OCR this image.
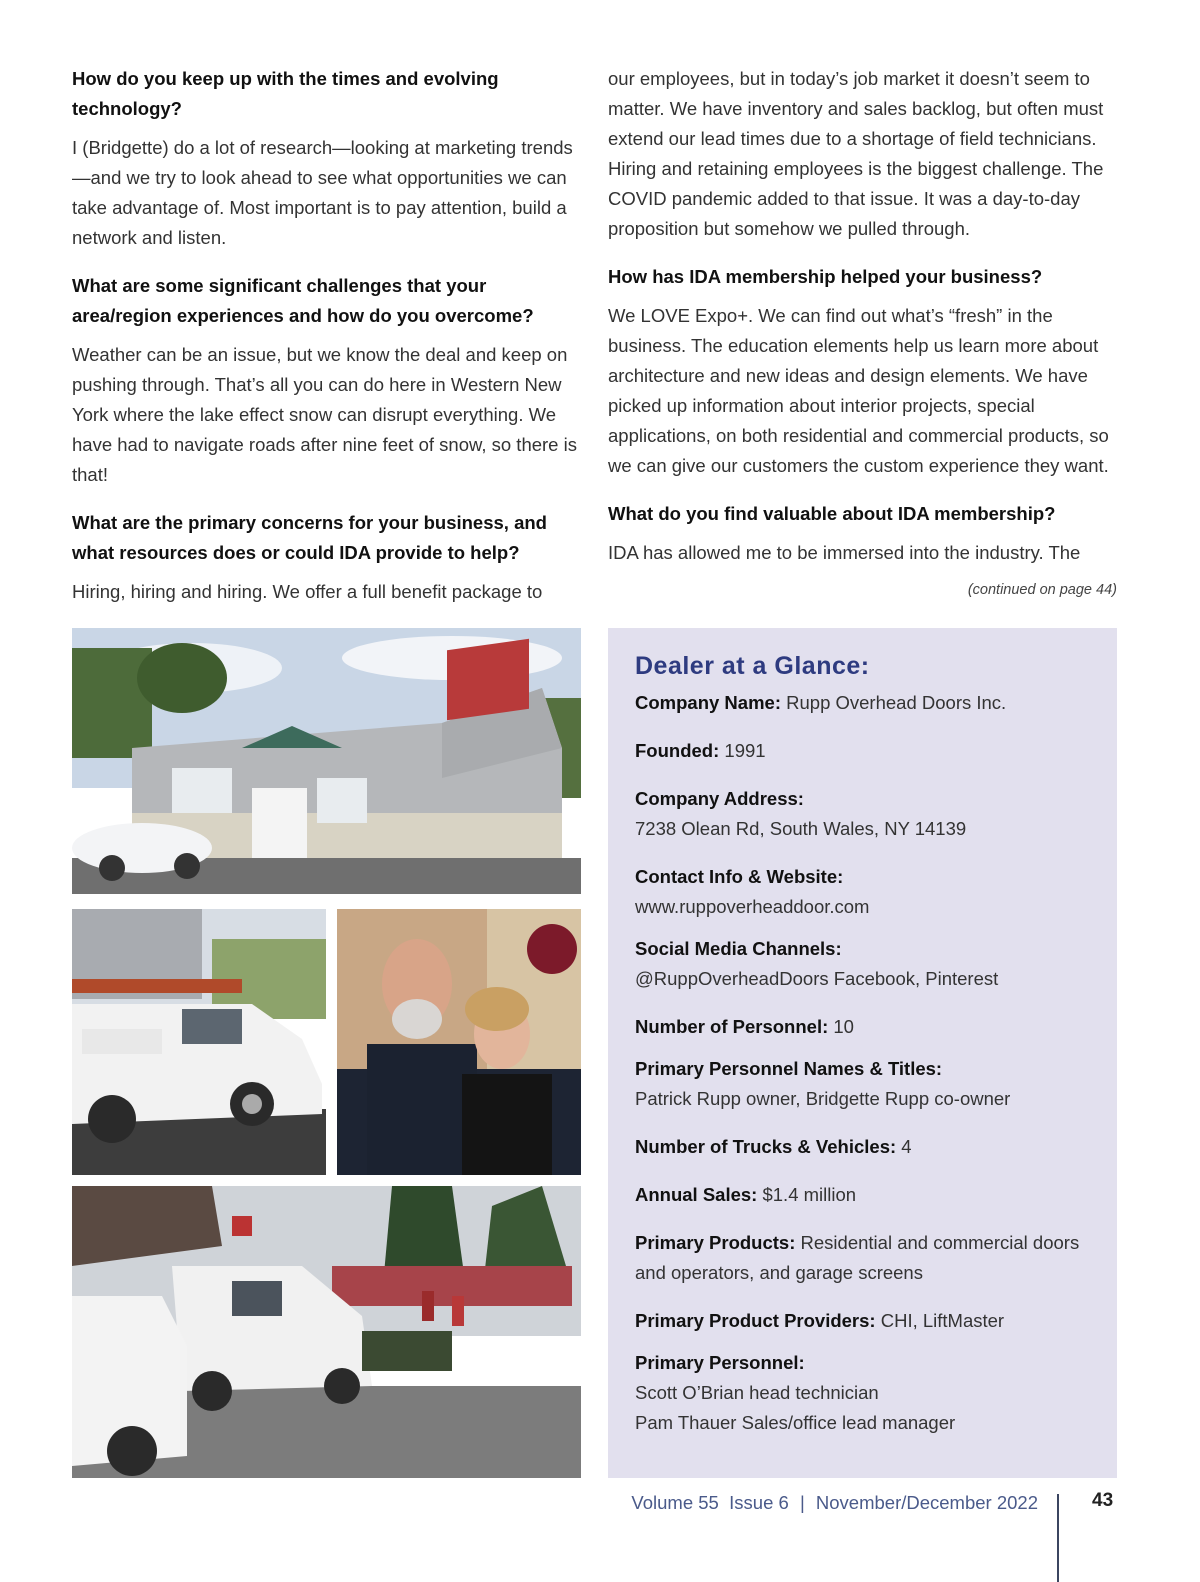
How do you keep up with the times and evolving technology?

I (Bridgette) do a lot of research—looking at marketing trends—and we try to look ahead to see what opportunities we can take advantage of. Most important is to pay attention, build a network and listen.

What are some significant challenges that your area/region experiences and how do you overcome?

Weather can be an issue, but we know the deal and keep on pushing through. That’s all you can do here in Western New York where the lake effect snow can disrupt everything. We have had to navigate roads after nine feet of snow, so there is that!

What are the primary concerns for your business, and what resources does or could IDA provide to help?

Hiring, hiring and hiring. We offer a full benefit package to

our employees, but in today’s job market it doesn’t seem to matter. We have inventory and sales backlog, but often must extend our lead times due to a shortage of field technicians. Hiring and retaining employees is the biggest challenge. The COVID pandemic added to that issue. It was a day-to-day proposition but somehow we pulled through.

How has IDA membership helped your business?

We LOVE Expo+. We can find out what’s “fresh” in the business. The education elements help us learn more about architecture and new ideas and design elements. We have picked up information about interior projects, special applications, on both residential and commercial products, so we can give our customers the custom experience they want.

What do you find valuable about IDA membership?

IDA has allowed me to be immersed into the industry. The

(continued on page 44)
Dealer at a Glance:
Company Name: Rupp Overhead Doors Inc.
Founded: 1991
Company Address:
7238 Olean Rd, South Wales, NY 14139
Contact Info & Website:
www.ruppoverheaddoor.com
Social Media Channels:
@RuppOverheadDoors Facebook, Pinterest
Number of Personnel: 10
Primary Personnel Names & Titles:
Patrick Rupp owner, Bridgette Rupp co-owner
Number of Trucks & Vehicles: 4
Annual Sales: $1.4 million
Primary Products: Residential and commercial doors and operators, and garage screens
Primary Product Providers: CHI, LiftMaster
Primary Personnel:
Scott O’Brian head technician
Pam Thauer Sales/office lead manager
Volume 55 Issue 6 | November/December 2022	43
